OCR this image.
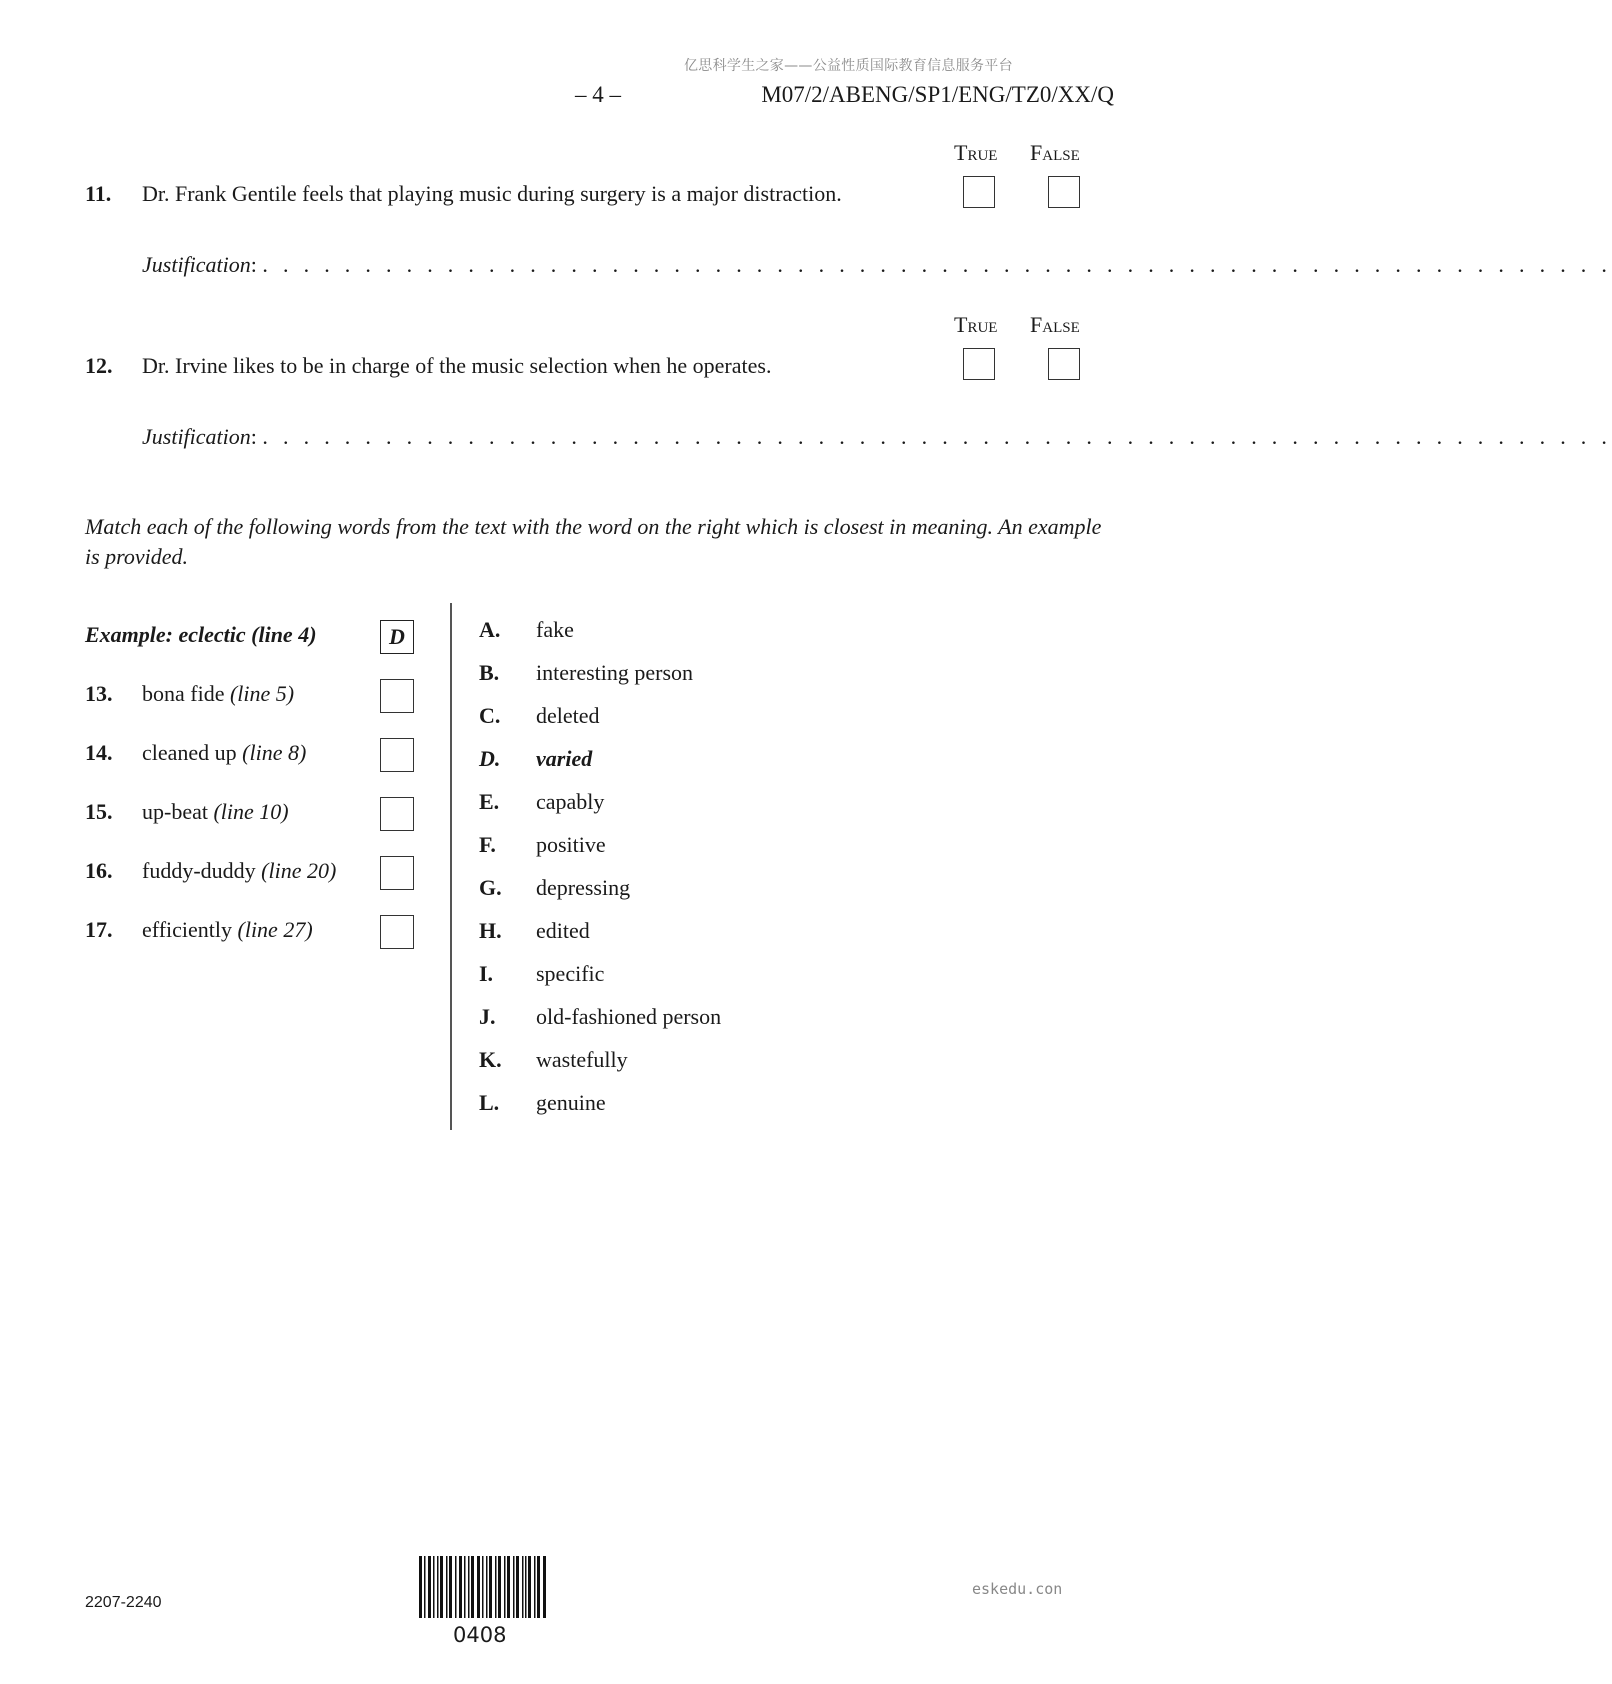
亿思科学生之家——公益性质国际教育信息服务平台
– 4 –	M07/2/ABENG/SP1/ENG/TZ0/XX/Q
True False
11. Dr. Frank Gentile feels that playing music during surgery is a major distraction.
Justification: . . . . . . . . . . . . . . . . . . . . . . . . . . . . . . . . . . . . . . . . . . . . . . . . . . . . . . . . . . . . . . . . . .
True False
12. Dr. Irvine likes to be in charge of the music selection when he operates.
Justification: . . . . . . . . . . . . . . . . . . . . . . . . . . . . . . . . . . . . . . . . . . . . . . . . . . . . . . . . . . . . . . . . . .
Match each of the following words from the text with the word on the right which is closest in meaning. An example is provided.
Example: eclectic (line 4)	D
13. bona fide (line 5)
14. cleaned up (line 8)
15. up-beat (line 10)
16. fuddy-duddy (line 20)
17. efficiently (line 27)
A. fake
B. interesting person
C. deleted
D. varied
E. capably
F. positive
G. depressing
H. edited
I. specific
J. old-fashioned person
K. wastefully
L. genuine
2207-2240
0408
eskedu.con
